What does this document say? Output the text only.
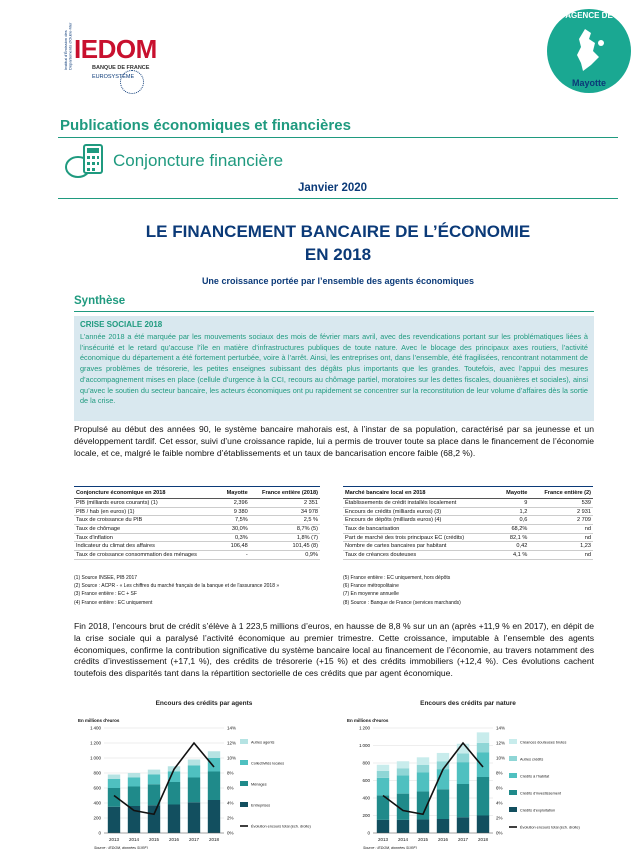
Institut d'Émission des Départements d'Outre-Mer IEDOM
BANQUE DE FRANCE
EUROSYSTÈME
AGENCE DE
Mayotte
Publications économiques et financières
Conjoncture financière
Janvier 2020
LE FINANCEMENT BANCAIRE DE L’ÉCONOMIE
EN 2018
Une croissance portée par l’ensemble des agents économiques
Synthèse
CRISE SOCIALE 2018
L’année 2018 a été marquée par les mouvements sociaux des mois de février mars avril, avec des revendications portant sur les problématiques liées à l’insécurité et le retard qu’accuse l’île en matière d’infrastructures publiques de toute nature. Avec le blocage des principaux axes routiers, l’activité économique du département a été fortement perturbée, voire à l’arrêt. Ainsi, les entreprises ont, dans l’ensemble, été fragilisées, rencontrant notamment de graves problèmes de trésorerie, les petites enseignes subissant des dégâts plus importants que les grandes. Toutefois, avec l’appui des mesures d’accompagnement mises en place (cellule d’urgence à la CCI, recours au chômage partiel, moratoires sur les dettes fiscales, douanières et sociales), ainsi qu’avec le soutien du secteur bancaire, les acteurs économiques ont pu rapidement se concentrer sur la reconstitution de leur volume d’affaires dès la sortie de la crise.
Propulsé au début des années 90, le système bancaire mahorais est, à l’instar de sa population, caractérisé par sa jeunesse et un développement tardif. Cet essor, suivi d’une croissance rapide, lui a permis de trouver toute sa place dans le financement de l’économie locale, et ce, malgré le faible nombre d’établissements et un taux de bancarisation encore faible (68,2 %).
Conjoncture économique en 2018	Mayotte	France entière (2018)
PIB (milliards euros courants) (1)	2,396	2 351
PIB / hab (en euros) (1)	9 380	34 978
Taux de croissance du PIB	7,5%	2,5 %
Taux de chômage	30,0%	8,7% (5)
Taux d'inflation	0,3%	1,8% (7)
Indicateur du climat des affaires	106,48	101,45 (8)
Taux de croissance consommation des ménages	-	0,9%
Marché bancaire local en 2018	Mayotte	France entière (2)
Établissements de crédit installés localement	9	539
Encours de crédits (milliards euros) (3)	1,2	2 931
Encours de dépôts (milliards euros) (4)	0,6	2 709
Taux de bancarisation	68,2%	nd
Part de marché des trois principaux EC (crédits)	82,1 %	nd
Nombre de cartes bancaires par habitant	0,42	1,23
Taux de créances douteuses	4,1 %	nd
(1) Source INSEE, PIB 2017
(2) Source : ACPR - « Les chiffres du marché français de la banque et de l'assurance 2018 »
(3) France entière : EC + SF
(4) France entière : EC uniquement
(5) France entière : EC uniquement, hors dépôts
(6) France métropolitaine
(7) En moyenne annuelle
(8) Source : Banque de France (services marchands)
Fin 2018, l’encours brut de crédit s’élève à 1 223,5 millions d’euros, en hausse de 8,8 % sur un an (après +11,9 % en 2017), en dépit de la crise sociale qui a paralysé l’activité économique au premier trimestre. Cette croissance, imputable à l’ensemble des agents économiques, confirme la contribution significative du système bancaire local au financement de l’économie, au travers notamment des crédits d’investissement (+17,1 %), des crédits de trésorerie (+15 %) et des crédits immobiliers (+12,4 %). Ces évolutions cachent toutefois des disparités tant dans la répartition sectorielle de ces crédits que par agent économique.
Encours des crédits par agents
En millions d'euros
0
200
400
600
800
1 000
1 200
1 400
0%
2%
4%
6%
8%
10%
12%
14%
2013 2014 2015 2016 2017 2018
Autres agents
Collectivités locales
Ménages
Entreprises
Évolution encours total (éch. droite)
Source : IEDOM, données SURFI
Encours des crédits par nature
En millions d'euros
0
200
400
600
800
1 000
1 200
0%
2%
4%
6%
8%
10%
12%
14%
2013 2014 2015 2016 2017 2018
Créances douteuses brutes
Autres crédits
Crédits à l'habitat
Crédits d'investissement
Crédits d'exploitation
Évolution encours total (éch. droite)
Source : IEDOM, données SURFI
